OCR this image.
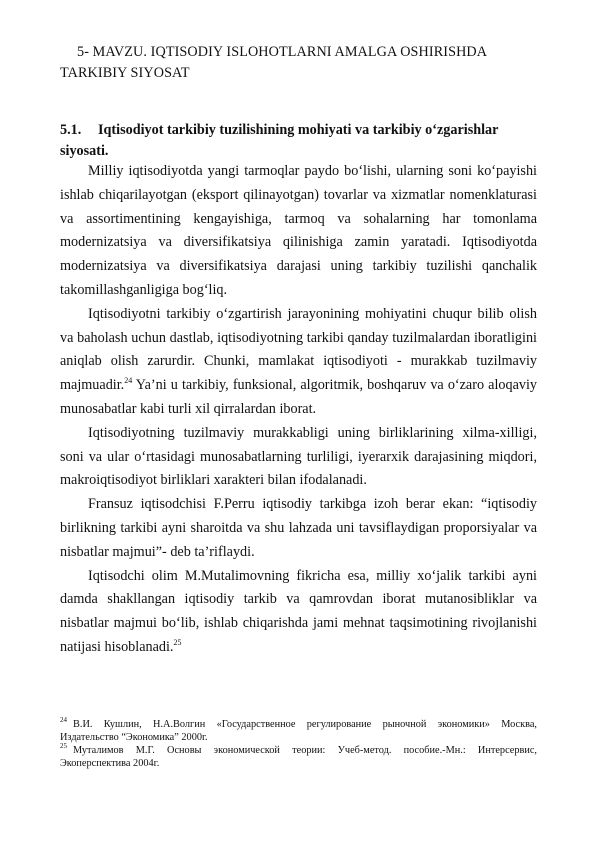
5- MAVZU. IQTISODIY ISLOHOTLARNI AMALGA OSHIRISHDA TARKIBIY SIYOSAT
5.1. Iqtisodiyot tarkibiy tuzilishining mohiyati va tarkibiy o‘zgarishlar siyosati.

Milliy iqtisodiyotda yangi tarmoqlar paydo bo‘lishi, ularning soni ko‘payishi ishlab chiqarilayotgan (eksport qilinayotgan) tovarlar va xizmatlar nomenklaturasi va assortimentining kengayishiga, tarmoq va sohalarning har tomonlama modernizatsiya va diversifikatsiya qilinishiga zamin yaratadi. Iqtisodiyotda modernizatsiya va diversifikatsiya darajasi uning tarkibiy tuzilishi qanchalik takomillashganligiga bog‘liq.

Iqtisodiyotni tarkibiy o‘zgartirish jarayonining mohiyatini chuqur bilib olish va baholash uchun dastlab, iqtisodiyotning tarkibi qanday tuzilmalardan iboratligini aniqlab olish zarurdir. Chunki, mamlakat iqtisodiyoti - murakkab tuzilmaviy majmuadir.$^{24}$ Ya’ni u tarkibiy, funksional, algoritmik, boshqaruv va o‘zaro aloqaviy munosabatlar kabi turli xil qirralardan iborat.

Iqtisodiyotning tuzilmaviy murakkabligi uning birliklarining xilma-xilligi, soni va ular o‘rtasidagi munosabatlarning turliligi, iyerarxik darajasining miqdori, makroiqtisodiyot birliklari xarakteri bilan ifodalanadi.

Fransuz iqtisodchisi F.Perru iqtisodiy tarkibga izoh berar ekan: “iqtisodiy birlikning tarkibi ayni sharoitda va shu lahzada uni tavsiflaydigan proporsiyalar va nisbatlar majmui”- deb ta’riflaydi.

Iqtisodchi olim M.Mutalimovning fikricha esa, milliy xo‘jalik tarkibi ayni damda shakllangan iqtisodiy tarkib va qamrovdan iborat mutanosibliklar va nisbatlar majmui bo‘lib, ishlab chiqarishda jami mehnat taqsimotining rivojlanishi natijasi hisoblanadi.$^{25}$

$^{24}$ В.И. Кушлин, Н.А.Волгин «Государственное регулирование рыночной экономики» Москва, Издательство “Экономика” 2000г.

$^{25}$ Муталимов М.Г. Основы экономической теории: Учеб-метод. пособие.-Мн.: Интерсервис, Экоперспектива 2004г.
